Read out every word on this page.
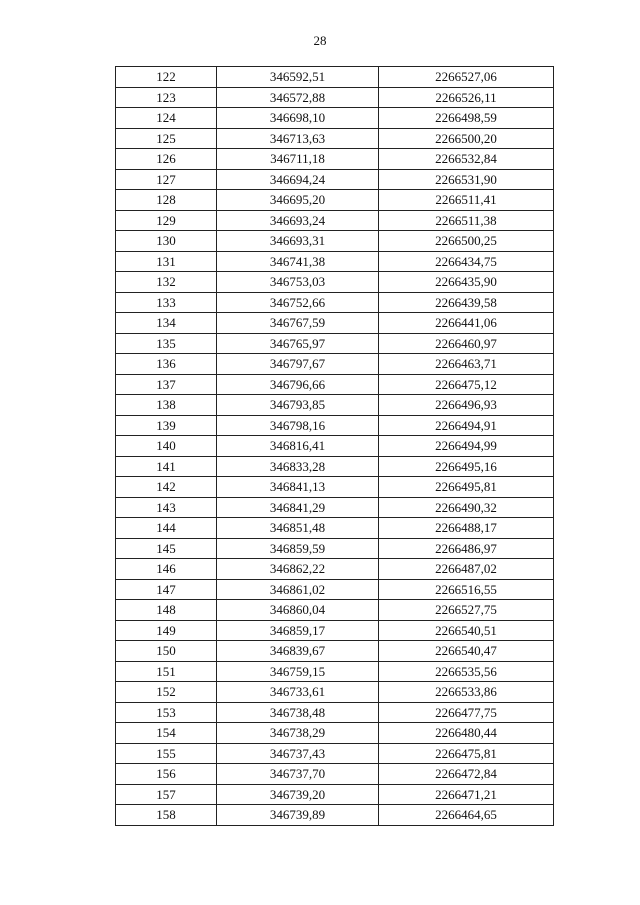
28
122	346592,51	2266527,06
123	346572,88	2266526,11
124	346698,10	2266498,59
125	346713,63	2266500,20
126	346711,18	2266532,84
127	346694,24	2266531,90
128	346695,20	2266511,41
129	346693,24	2266511,38
130	346693,31	2266500,25
131	346741,38	2266434,75
132	346753,03	2266435,90
133	346752,66	2266439,58
134	346767,59	2266441,06
135	346765,97	2266460,97
136	346797,67	2266463,71
137	346796,66	2266475,12
138	346793,85	2266496,93
139	346798,16	2266494,91
140	346816,41	2266494,99
141	346833,28	2266495,16
142	346841,13	2266495,81
143	346841,29	2266490,32
144	346851,48	2266488,17
145	346859,59	2266486,97
146	346862,22	2266487,02
147	346861,02	2266516,55
148	346860,04	2266527,75
149	346859,17	2266540,51
150	346839,67	2266540,47
151	346759,15	2266535,56
152	346733,61	2266533,86
153	346738,48	2266477,75
154	346738,29	2266480,44
155	346737,43	2266475,81
156	346737,70	2266472,84
157	346739,20	2266471,21
158	346739,89	2266464,65
